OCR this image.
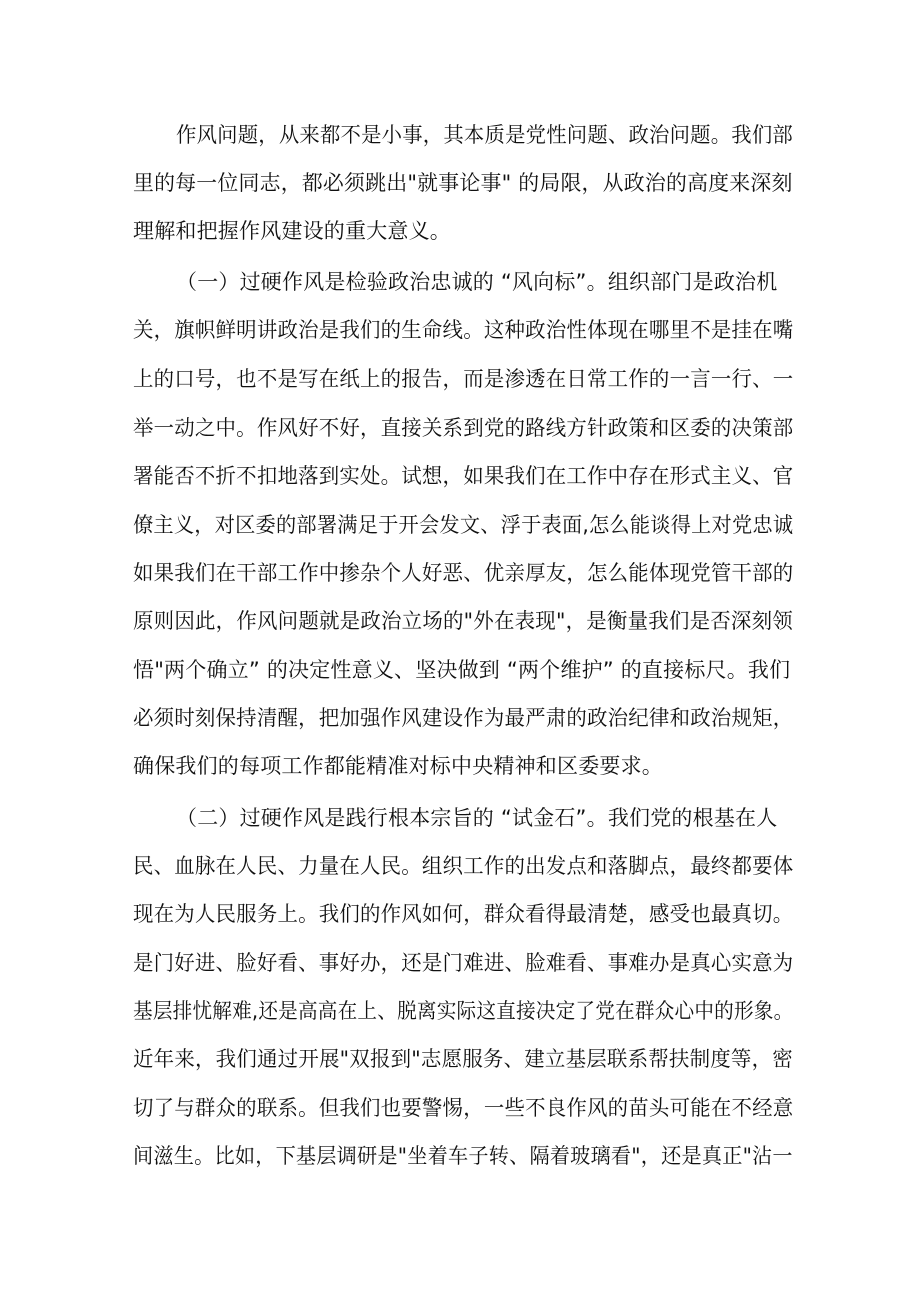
作风问题，从来都不是小事，其本质是党性问题、政治问题。我们部
里的每一位同志，都必须跳出"就事论事" 的局限，从政治的高度来深刻
理解和把握作风建设的重大意义。
（一）过硬作风是检验政治忠诚的 “风向标”。组织部门是政治机
关，旗帜鲜明讲政治是我们的生命线。这种政治性体现在哪里不是挂在嘴
上的口号，也不是写在纸上的报告，而是渗透在日常工作的一言一行、一
举一动之中。作风好不好，直接关系到党的路线方针政策和区委的决策部
署能否不折不扣地落到实处。试想，如果我们在工作中存在形式主义、官
僚主义，对区委的部署满足于开会发文、浮于表面,怎么能谈得上对党忠诚
如果我们在干部工作中掺杂个人好恶、优亲厚友，怎么能体现党管干部的
原则因此，作风问题就是政治立场的"外在表现"，是衡量我们是否深刻领
悟"两个确立” 的决定性意义、坚决做到 “两个维护” 的直接标尺。我们
必须时刻保持清醒，把加强作风建设作为最严肃的政治纪律和政治规矩，
确保我们的每项工作都能精准对标中央精神和区委要求。
（二）过硬作风是践行根本宗旨的 “试金石”。我们党的根基在人
民、血脉在人民、力量在人民。组织工作的出发点和落脚点，最终都要体
现在为人民服务上。我们的作风如何，群众看得最清楚，感受也最真切。
是门好进、脸好看、事好办，还是门难进、脸难看、事难办是真心实意为
基层排忧解难,还是高高在上、脱离实际这直接决定了党在群众心中的形象。
近年来，我们通过开展"双报到"志愿服务、建立基层联系帮扶制度等，密
切了与群众的联系。但我们也要警惕，一些不良作风的苗头可能在不经意
间滋生。比如，下基层调研是"坐着车子转、隔着玻璃看"，还是真正"沾一
